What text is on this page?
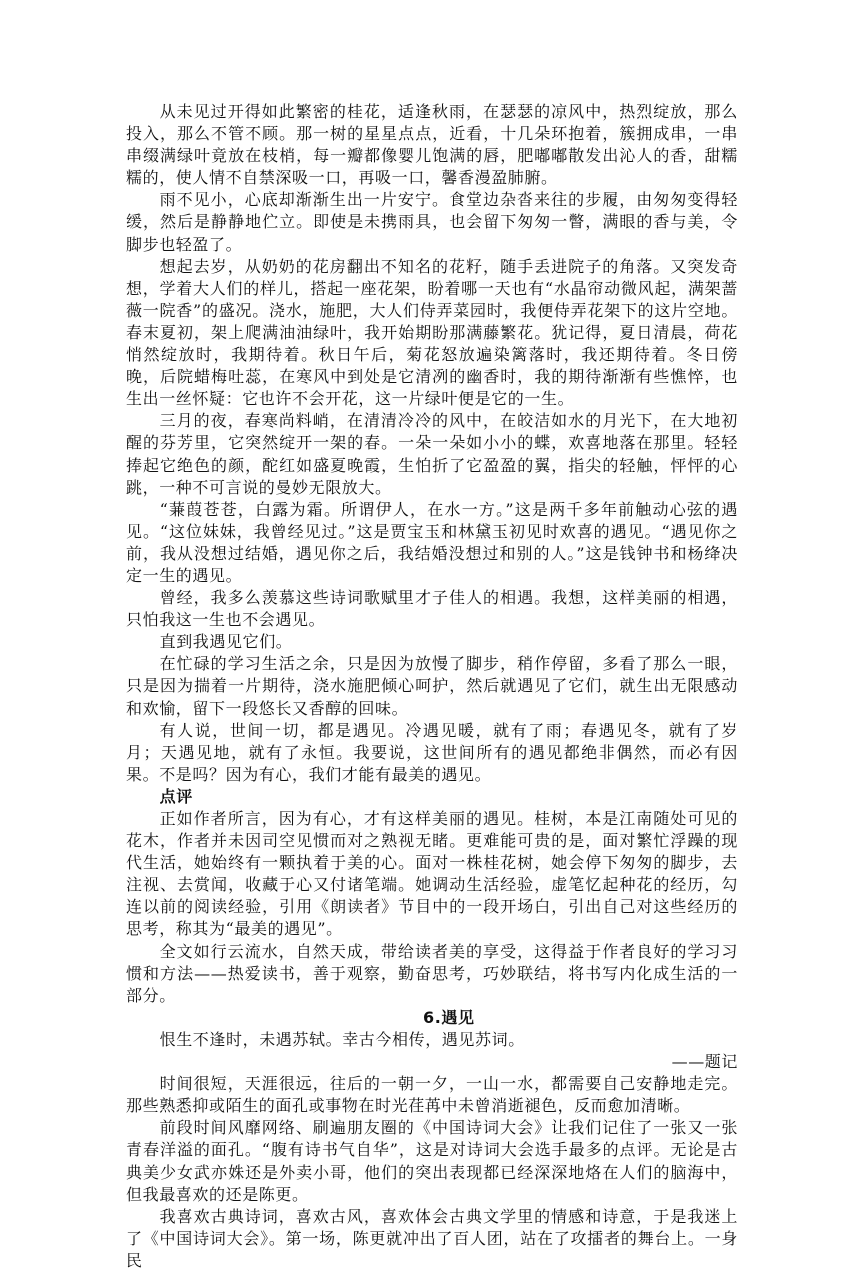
从未见过开得如此繁密的桂花，适逢秋雨，在瑟瑟的凉风中，热烈绽放，那么投入，那么不管不顾。那一树的星星点点，近看，十几朵环抱着，簇拥成串，一串串缀满绿叶竟放在枝梢，每一瓣都像婴儿饱满的唇，肥嘟嘟散发出沁人的香，甜糯糯的，使人情不自禁深吸一口，再吸一口，馨香漫盈肺腑。

雨不见小，心底却渐渐生出一片安宁。食堂边杂沓来往的步履，由匆匆变得轻缓，然后是静静地伫立。即使是未携雨具，也会留下匆匆一瞥，满眼的香与美，令脚步也轻盈了。

想起去岁，从奶奶的花房翻出不知名的花籽，随手丢进院子的角落。又突发奇想，学着大人们的样儿，搭起一座花架，盼着哪一天也有“水晶帘动微风起，满架蔷薇一院香”的盛况。浇水，施肥，大人们侍弄菜园时，我便侍弄花架下的这片空地。春末夏初，架上爬满油油绿叶，我开始期盼那满藤繁花。犹记得，夏日清晨，荷花悄然绽放时，我期待着。秋日午后，菊花怒放遍染篱落时，我还期待着。冬日傍晚，后院蜡梅吐蕊，在寒风中到处是它清冽的幽香时，我的期待渐渐有些憔悴，也生出一丝怀疑：它也许不会开花，这一片绿叶便是它的一生。

三月的夜，春寒尚料峭，在清清冷冷的风中，在皎洁如水的月光下，在大地初醒的芬芳里，它突然绽开一架的春。一朵一朵如小小的蝶，欢喜地落在那里。轻轻捧起它绝色的颜，酡红如盛夏晚霞，生怕折了它盈盈的翼，指尖的轻触，怦怦的心跳，一种不可言说的曼妙无限放大。

“蒹葭苍苍，白露为霜。所谓伊人，在水一方。”这是两千多年前触动心弦的遇见。“这位妹妹，我曾经见过。”这是贾宝玉和林黛玉初见时欢喜的遇见。“遇见你之前，我从没想过结婚，遇见你之后，我结婚没想过和别的人。”这是钱钟书和杨绛决定一生的遇见。

曾经，我多么羡慕这些诗词歌赋里才子佳人的相遇。我想，这样美丽的相遇，只怕我这一生也不会遇见。

直到我遇见它们。

在忙碌的学习生活之余，只是因为放慢了脚步，稍作停留，多看了那么一眼，只是因为揣着一片期待，浇水施肥倾心呵护，然后就遇见了它们，就生出无限感动和欢愉，留下一段悠长又香醇的回味。

有人说，世间一切，都是遇见。冷遇见暖，就有了雨；春遇见冬，就有了岁月；天遇见地，就有了永恒。我要说，这世间所有的遇见都绝非偶然，而必有因果。不是吗？因为有心，我们才能有最美的遇见。

点评

正如作者所言，因为有心，才有这样美丽的遇见。桂树，本是江南随处可见的花木，作者并未因司空见惯而对之熟视无睹。更难能可贵的是，面对繁忙浮躁的现代生活，她始终有一颗执着于美的心。面对一株桂花树，她会停下匆匆的脚步，去注视、去赏闻，收藏于心又付诸笔端。她调动生活经验，虚笔忆起种花的经历，勾连以前的阅读经验，引用《朗读者》节目中的一段开场白，引出自己对这些经历的思考，称其为“最美的遇见”。

全文如行云流水，自然天成，带给读者美的享受，这得益于作者良好的学习习惯和方法——热爱读书，善于观察，勤奋思考，巧妙联结，将书写内化成生活的一部分。

6.遇见

恨生不逢时，未遇苏轼。幸古今相传，遇见苏词。

——题记

时间很短，天涯很远，往后的一朝一夕，一山一水，都需要自己安静地走完。那些熟悉抑或陌生的面孔或事物在时光荏苒中未曾消逝褪色，反而愈加清晰。

前段时间风靡网络、刷遍朋友圈的《中国诗词大会》让我们记住了一张又一张青春洋溢的面孔。“腹有诗书气自华”，这是对诗词大会选手最多的点评。无论是古典美少女武亦姝还是外卖小哥，他们的突出表现都已经深深地烙在人们的脑海中，但我最喜欢的还是陈更。

我喜欢古典诗词，喜欢古风，喜欢体会古典文学里的情感和诗意，于是我迷上了《中国诗词大会》。第一场，陈更就冲出了百人团，站在了攻擂者的舞台上。一身民
